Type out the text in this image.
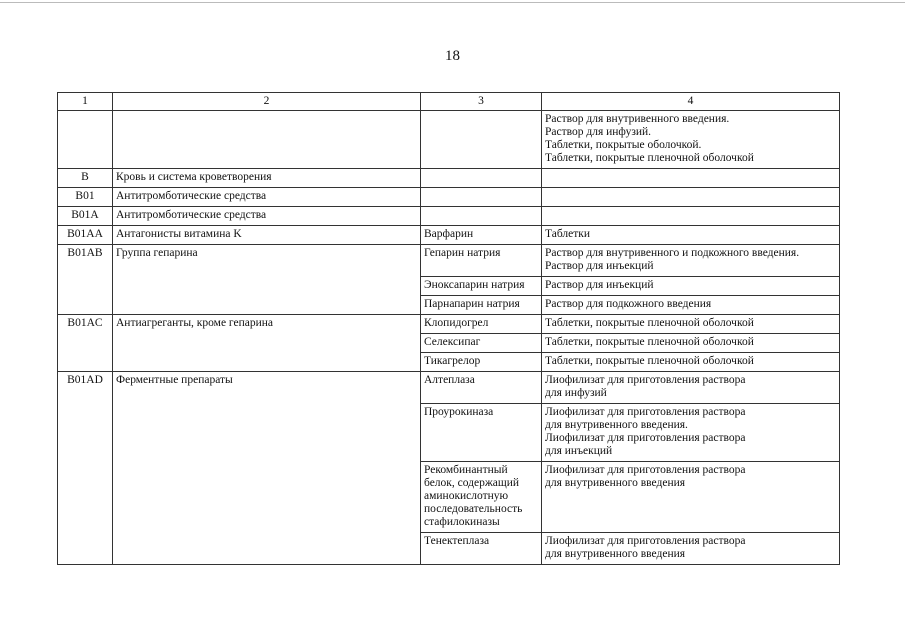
18
1	2	3	4

			Раствор для внутривенного введения.
Раствор для инфузий.
Таблетки, покрытые оболочкой.
Таблетки, покрытые пленочной оболочкой

B	Кровь и система кроветворения		
B01	Антитромботические средства		
B01A	Антитромботические средства		
B01AA	Антагонисты витамина K	Варфарин	Таблетки

B01AB	Группа гепарина	Гепарин натрия	Раствор для внутривенного и подкожного введения.
Раствор для инъекций

		Эноксапарин натрия	Раствор для инъекций

		Парнапарин натрия	Раствор для подкожного введения

B01AC	Антиагреганты, кроме гепарина	Клопидогрел	Таблетки, покрытые пленочной оболочкой

		Селексипаг	Таблетки, покрытые пленочной оболочкой

		Тикагрелор	Таблетки, покрытые пленочной оболочкой

B01AD	Ферментные препараты	Алтеплаза	Лиофилизат для приготовления раствора
для инфузий

		Проурокиназа	Лиофилизат для приготовления раствора
для внутривенного введения.
Лиофилизат для приготовления раствора
для инъекций

		Рекомбинантный белок, содержащий аминокислотную последовательность стафилокиназы	Лиофилизат для приготовления раствора
для внутривенного введения

		Тенектеплаза	Лиофилизат для приготовления раствора
для внутривенного введения
